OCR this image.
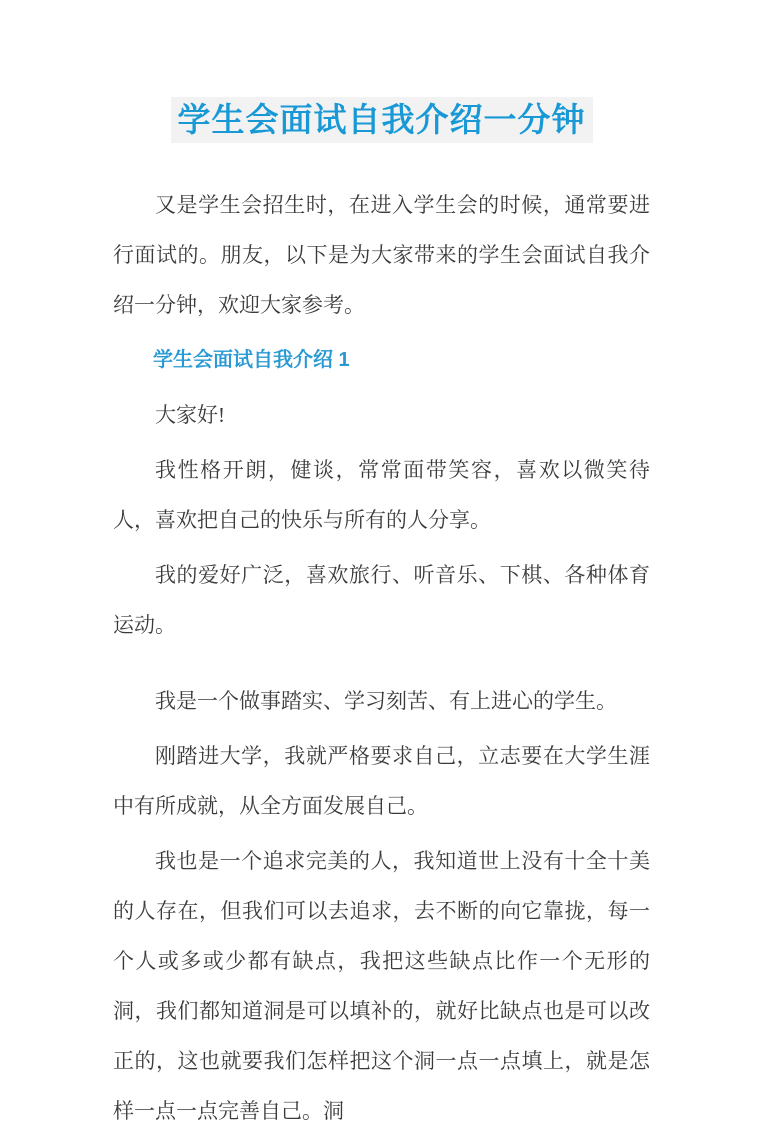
学生会面试自我介绍一分钟

又是学生会招生时，在进入学生会的时候，通常要进行面试的。朋友，以下是为大家带来的学生会面试自我介绍一分钟，欢迎大家参考。

学生会面试自我介绍 1

大家好!

我性格开朗，健谈，常常面带笑容，喜欢以微笑待人，喜欢把自己的快乐与所有的人分享。

我的爱好广泛，喜欢旅行、听音乐、下棋、各种体育运动。

我是一个做事踏实、学习刻苦、有上进心的学生。

刚踏进大学，我就严格要求自己，立志要在大学生涯中有所成就，从全方面发展自己。

我也是一个追求完美的人，我知道世上没有十全十美的人存在，但我们可以去追求，去不断的向它靠拢，每一个人或多或少都有缺点，我把这些缺点比作一个无形的洞，我们都知道洞是可以填补的，就好比缺点也是可以改正的，这也就要我们怎样把这个洞一点一点填上，就是怎样一点一点完善自己。洞
